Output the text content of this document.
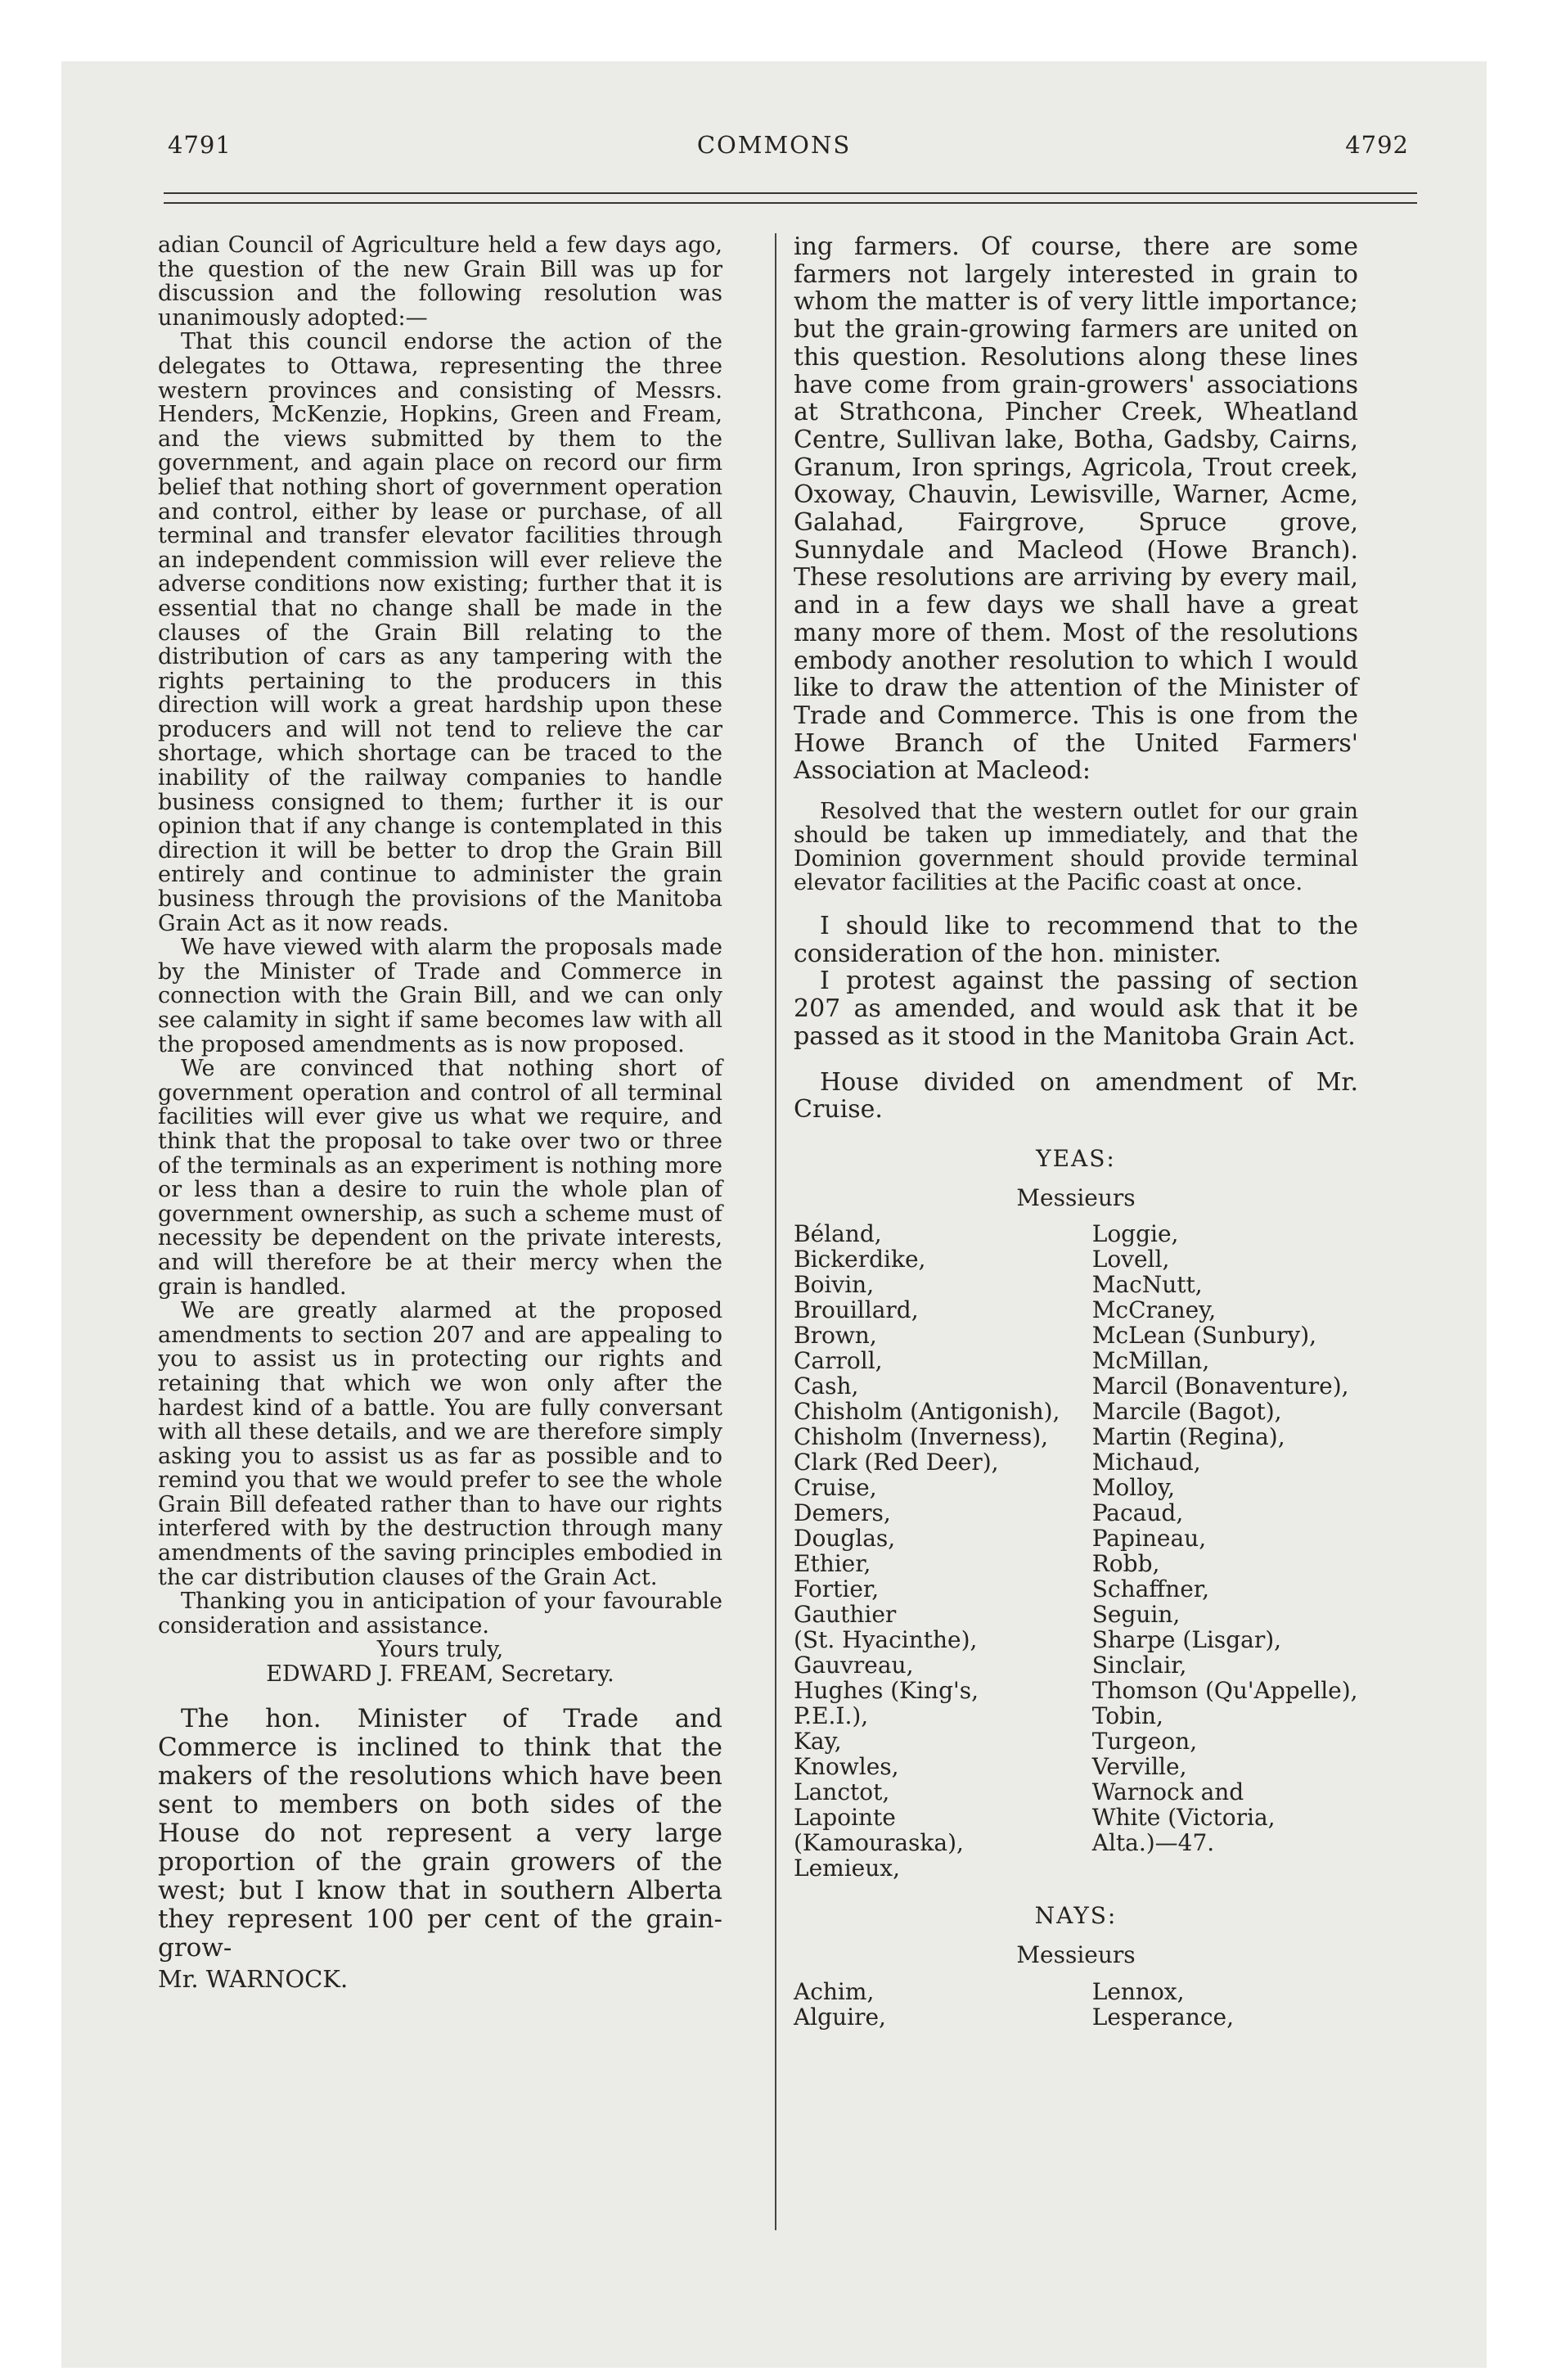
4791	COMMONS	4792

adian Council of Agriculture held a few days ago, the question of the new Grain Bill was up for discussion and the following resolution was unanimously adopted:—

That this council endorse the action of the delegates to Ottawa, representing the three western provinces and consisting of Messrs. Henders, McKenzie, Hopkins, Green and Fream, and the views submitted by them to the government, and again place on record our firm belief that nothing short of government operation and control, either by lease or purchase, of all terminal and transfer elevator facilities through an independent commission will ever relieve the adverse conditions now existing; further that it is essential that no change shall be made in the clauses of the Grain Bill relating to the distribution of cars as any tampering with the rights pertaining to the producers in this direction will work a great hardship upon these producers and will not tend to relieve the car shortage, which shortage can be traced to the inability of the railway companies to handle business consigned to them; further it is our opinion that if any change is contemplated in this direction it will be better to drop the Grain Bill entirely and continue to administer the grain business through the provisions of the Manitoba Grain Act as it now reads.

We have viewed with alarm the proposals made by the Minister of Trade and Commerce in connection with the Grain Bill, and we can only see calamity in sight if same becomes law with all the proposed amendments as is now proposed.

We are convinced that nothing short of government operation and control of all terminal facilities will ever give us what we require, and think that the proposal to take over two or three of the terminals as an experiment is nothing more or less than a desire to ruin the whole plan of government ownership, as such a scheme must of necessity be dependent on the private interests, and will therefore be at their mercy when the grain is handled.

We are greatly alarmed at the proposed amendments to section 207 and are appealing to you to assist us in protecting our rights and retaining that which we won only after the hardest kind of a battle. You are fully conversant with all these details, and we are therefore simply asking you to assist us as far as possible and to remind you that we would prefer to see the whole Grain Bill defeated rather than to have our rights interfered with by the destruction through many amendments of the saving principles embodied in the car distribution clauses of the Grain Act.

Thanking you in anticipation of your favourable consideration and assistance.

Yours truly,

EDWARD J. FREAM, Secretary.

The hon. Minister of Trade and Commerce is inclined to think that the makers of the resolutions which have been sent to members on both sides of the House do not represent a very large proportion of the grain growers of the west; but I know that in southern Alberta they represent 100 per cent of the grain-grow-

Mr. WARNOCK.

ing farmers. Of course, there are some farmers not largely interested in grain to whom the matter is of very little importance; but the grain-growing farmers are united on this question. Resolutions along these lines have come from grain-growers' associations at Strathcona, Pincher Creek, Wheatland Centre, Sullivan lake, Botha, Gadsby, Cairns, Granum, Iron springs, Agricola, Trout creek, Oxoway, Chauvin, Lewisville, Warner, Acme, Galahad, Fairgrove, Spruce grove, Sunnydale and Macleod (Howe Branch). These resolutions are arriving by every mail, and in a few days we shall have a great many more of them. Most of the resolutions embody another resolution to which I would like to draw the attention of the Minister of Trade and Commerce. This is one from the Howe Branch of the United Farmers' Association at Macleod:

Resolved that the western outlet for our grain should be taken up immediately, and that the Dominion government should provide terminal elevator facilities at the Pacific coast at once.

I should like to recommend that to the consideration of the hon. minister.

I protest against the passing of section 207 as amended, and would ask that it be passed as it stood in the Manitoba Grain Act.

House divided on amendment of Mr. Cruise.

YEAS:
Messieurs
Béland,
Bickerdike,
Boivin,
Brouillard,
Brown,
Carroll,
Cash,
Chisholm (Antigonish),
Chisholm (Inverness),
Clark (Red Deer),
Cruise,
Demers,
Douglas,
Ethier,
Fortier,
Gauthier
(St. Hyacinthe),
Gauvreau,
Hughes (King's,
P.E.I.),
Kay,
Knowles,
Lanctot,
Lapointe
(Kamouraska),
Lemieux,
Loggie,
Lovell,
MacNutt,
McCraney,
McLean (Sunbury),
McMillan,
Marcil (Bonaventure),
Marcile (Bagot),
Martin (Regina),
Michaud,
Molloy,
Pacaud,
Papineau,
Robb,
Schaffner,
Seguin,
Sharpe (Lisgar),
Sinclair,
Thomson (Qu'Appelle),
Tobin,
Turgeon,
Verville,
Warnock and
White (Victoria,
Alta.)—47.
NAYS:
Messieurs
Achim,
Alguire,
Lennox,
Lesperance,
